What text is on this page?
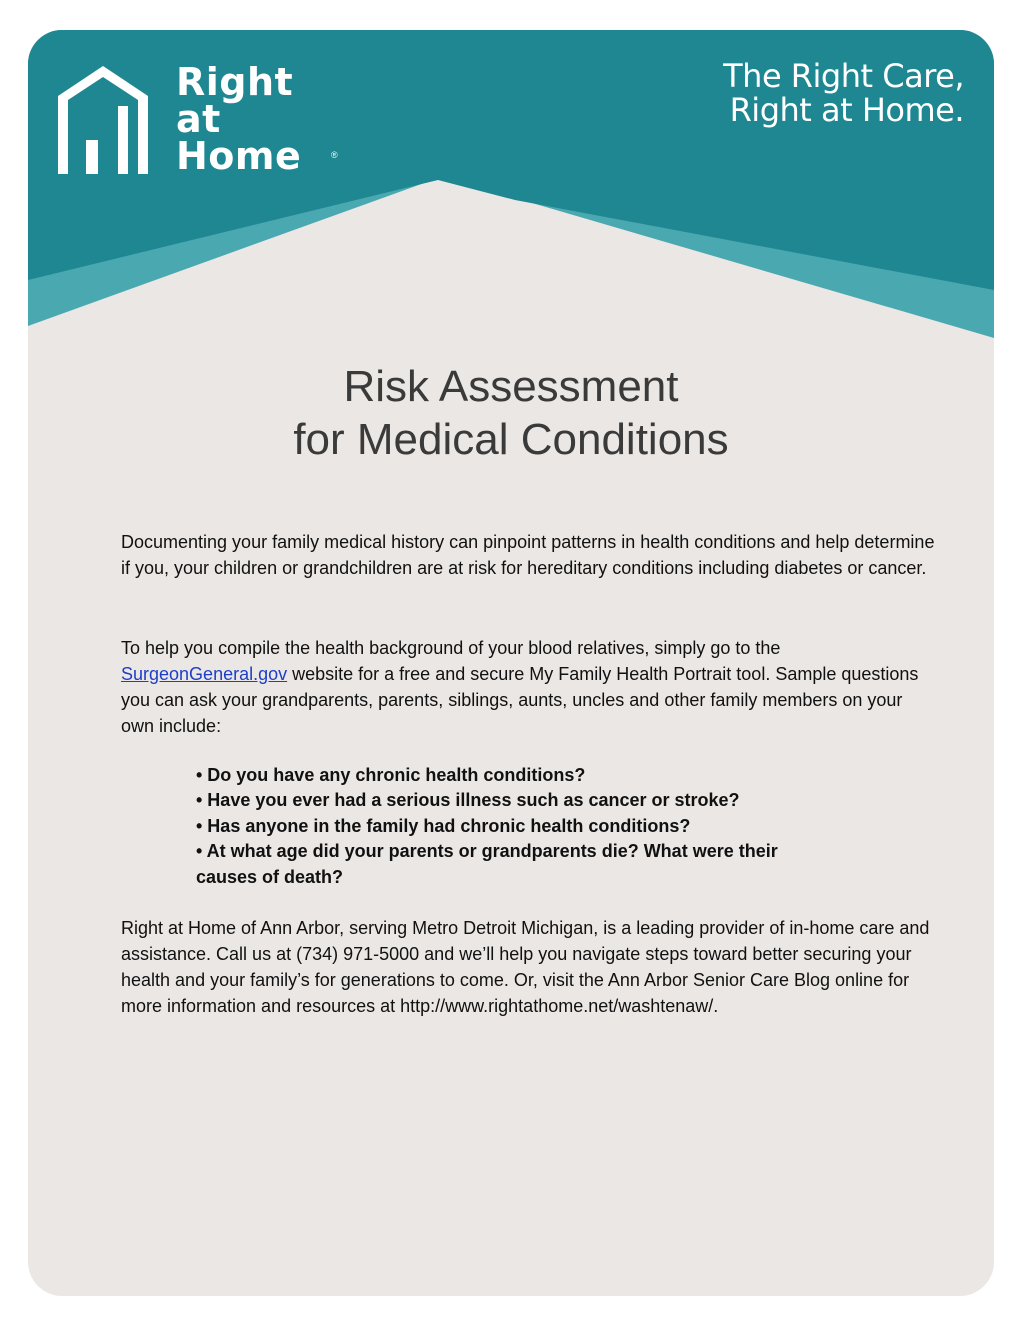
Right
at
Home	®
The Right Care,
Right at Home.
Risk Assessment
for Medical Conditions
Documenting your family medical history can pinpoint patterns in health conditions and help determine if you, your children or grandchildren are at risk for hereditary conditions including diabetes or cancer.
To help you compile the health background of your blood relatives, simply go to the SurgeonGeneral.gov website for a free and secure My Family Health Portrait tool. Sample questions you can ask your grandparents, parents, siblings, aunts, uncles and other family members on your own include:
• Do you have any chronic health conditions?
• Have you ever had a serious illness such as cancer or stroke?
• Has anyone in the family had chronic health conditions?
• At what age did your parents or grandparents die? What were their causes of death?
Right at Home of Ann Arbor, serving Metro Detroit Michigan, is a leading provider of in-home care and assistance. Call us at (734) 971-5000 and we’ll help you navigate steps toward better securing your health and your family’s for generations to come. Or, visit the Ann Arbor Senior Care Blog online for more information and resources at http://www.rightathome.net/washtenaw/.
